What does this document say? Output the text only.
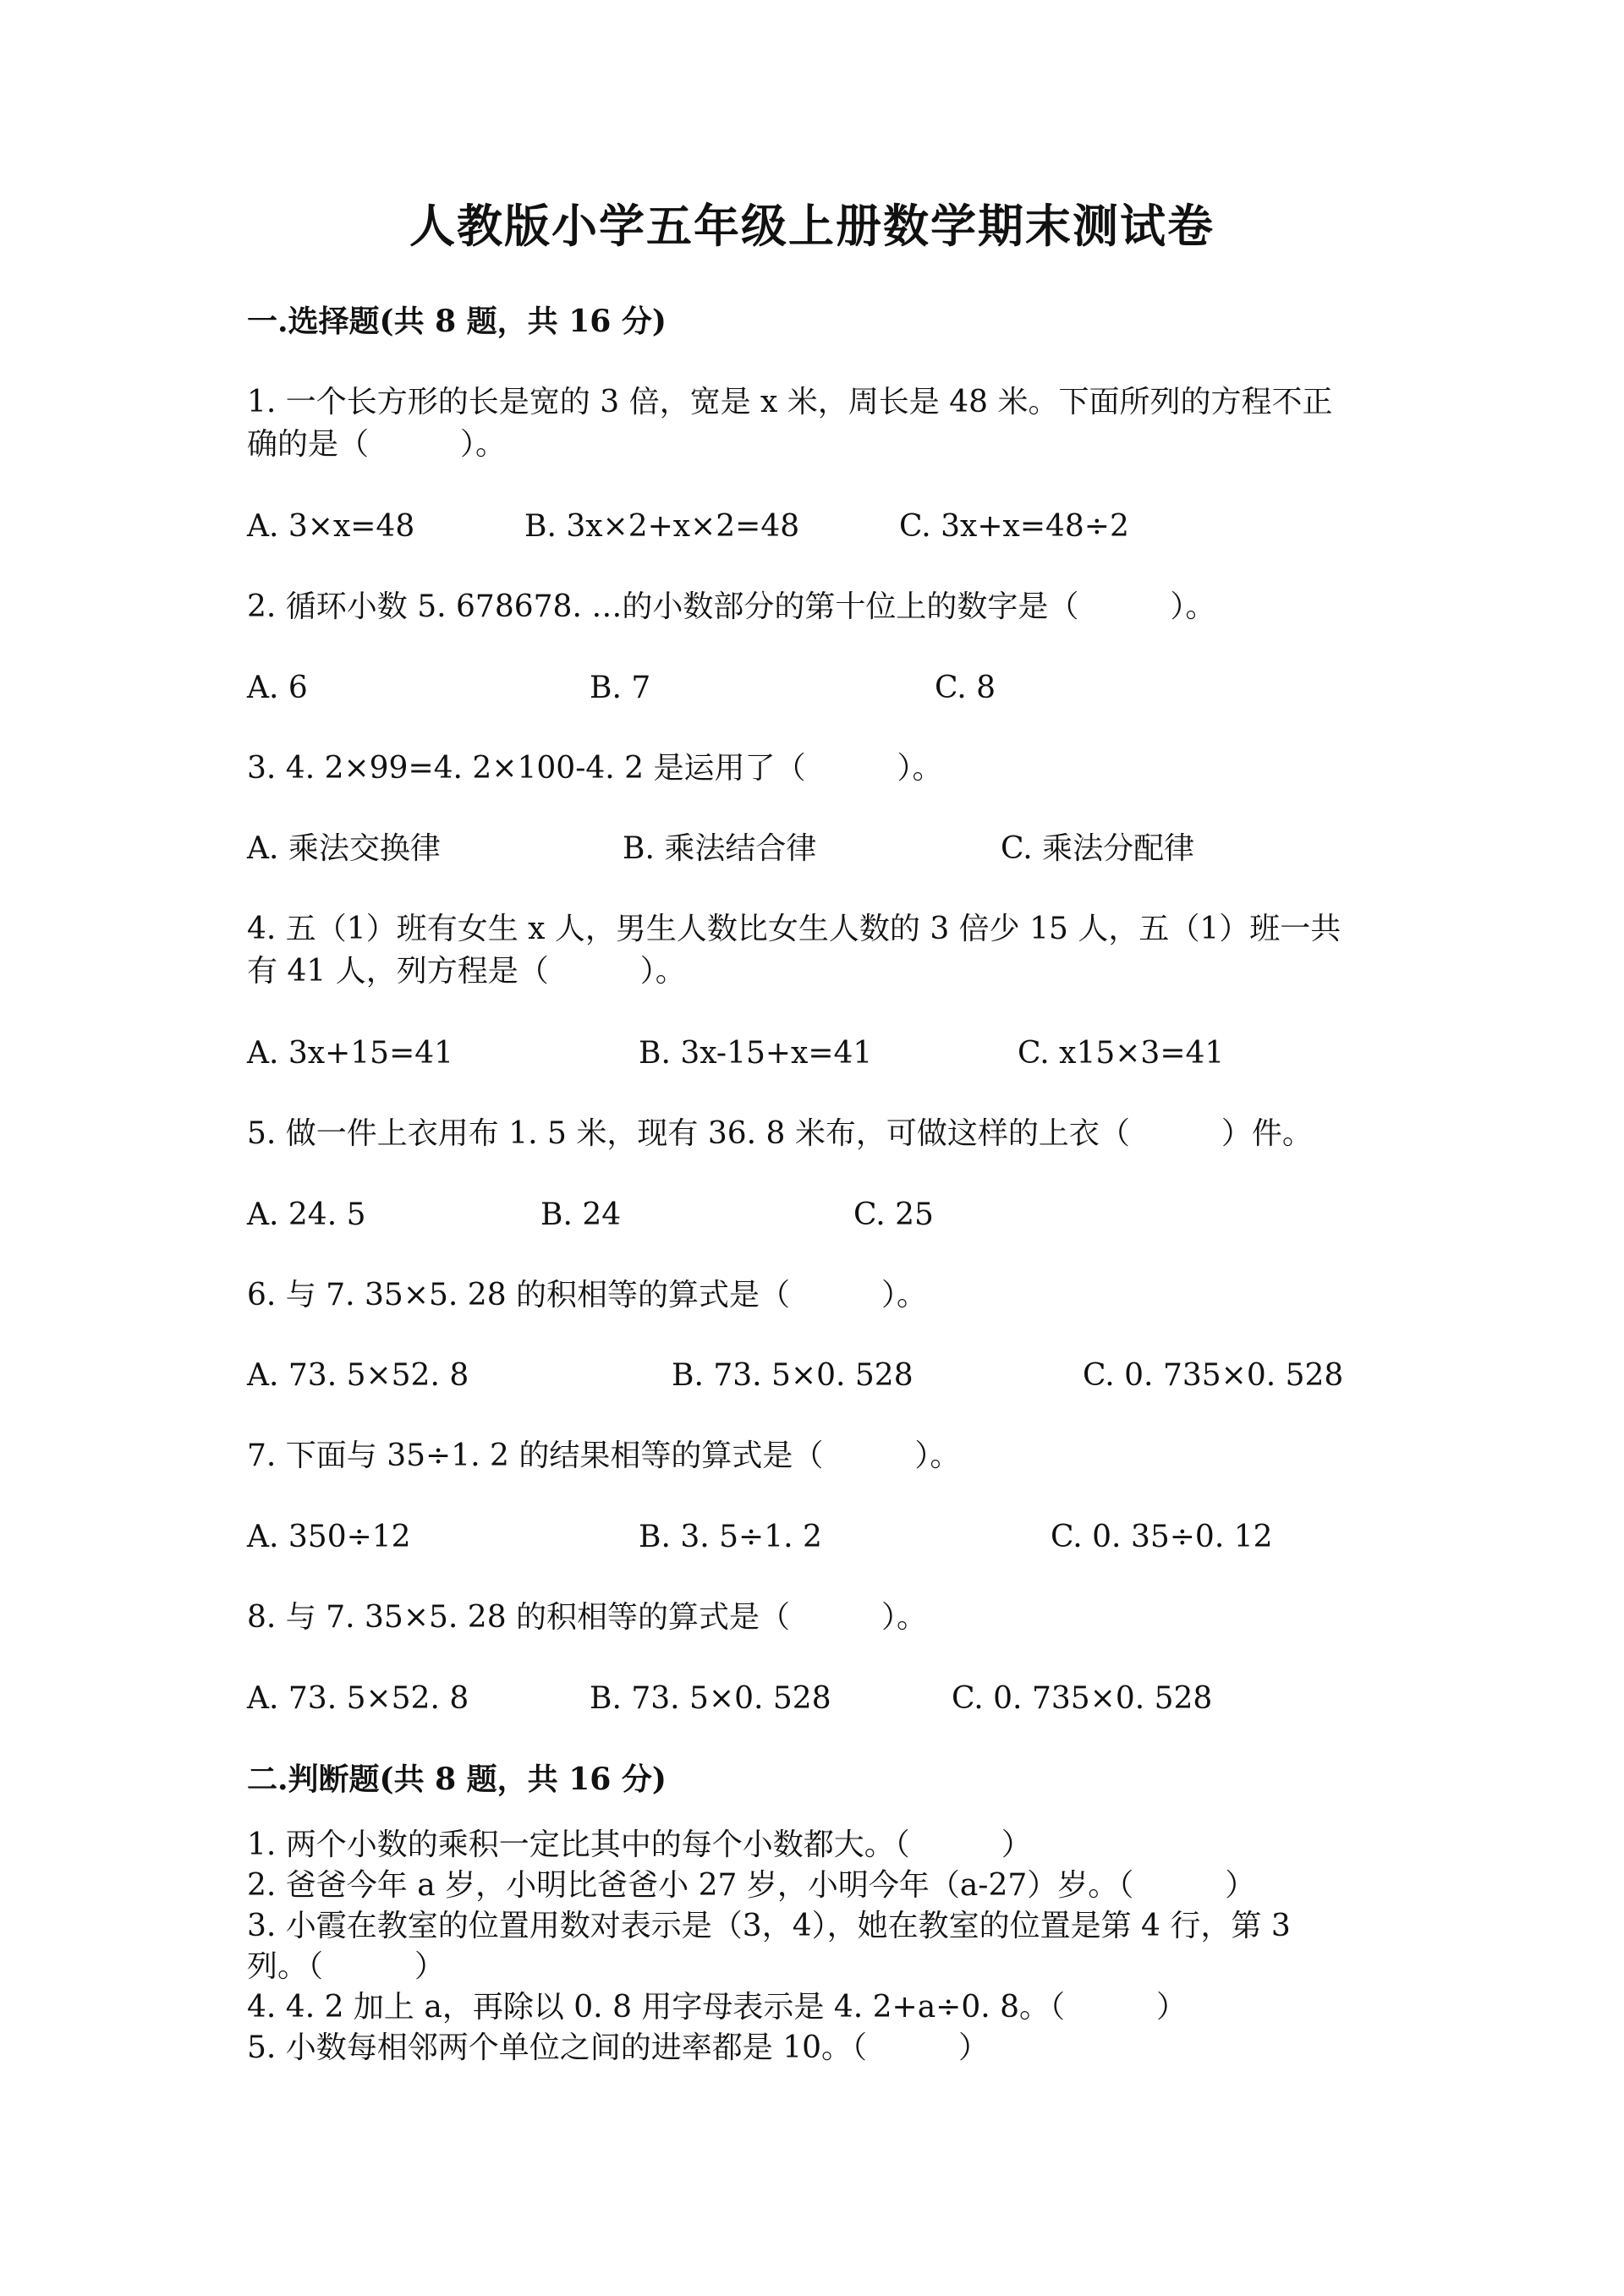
人教版小学五年级上册数学期末测试卷
一.选择题(共 8 题，共 16 分)
1. 一个长方形的长是宽的 3 倍，宽是 x 米，周长是 48 米。下面所列的方程不正
确的是（　　　）。
A. 3×x=48	B. 3x×2+x×2=48	C. 3x+x=48÷2
2. 循环小数 5. 678678. …的小数部分的第十位上的数字是（　　　）。
A. 6	B. 7	C. 8
3. 4. 2×99=4. 2×100-4. 2 是运用了（　　　）。
A. 乘法交换律	B. 乘法结合律	C. 乘法分配律
4. 五（1）班有女生 x 人，男生人数比女生人数的 3 倍少 15 人，五（1）班一共
有 41 人，列方程是（　　　）。
A. 3x+15=41	B. 3x-15+x=41	C. x15×3=41
5. 做一件上衣用布 1. 5 米，现有 36. 8 米布，可做这样的上衣（　　　）件。
A. 24. 5	B. 24	C. 25
6. 与 7. 35×5. 28 的积相等的算式是（　　　）。
A. 73. 5×52. 8	B. 73. 5×0. 528	C. 0. 735×0. 528
7. 下面与 35÷1. 2 的结果相等的算式是（　　　）。
A. 350÷12	B. 3. 5÷1. 2	C. 0. 35÷0. 12
8. 与 7. 35×5. 28 的积相等的算式是（　　　）。
A. 73. 5×52. 8	B. 73. 5×0. 528	C. 0. 735×0. 528
二.判断题(共 8 题，共 16 分)
1. 两个小数的乘积一定比其中的每个小数都大。（　　　）
2. 爸爸今年 a 岁，小明比爸爸小 27 岁，小明今年（a-27）岁。（　　　）
3. 小霞在教室的位置用数对表示是（3，4），她在教室的位置是第 4 行，第 3
列。（　　　）
4. 4. 2 加上 a，再除以 0. 8 用字母表示是 4. 2+a÷0. 8。（　　　）
5. 小数每相邻两个单位之间的进率都是 10。（　　　）
